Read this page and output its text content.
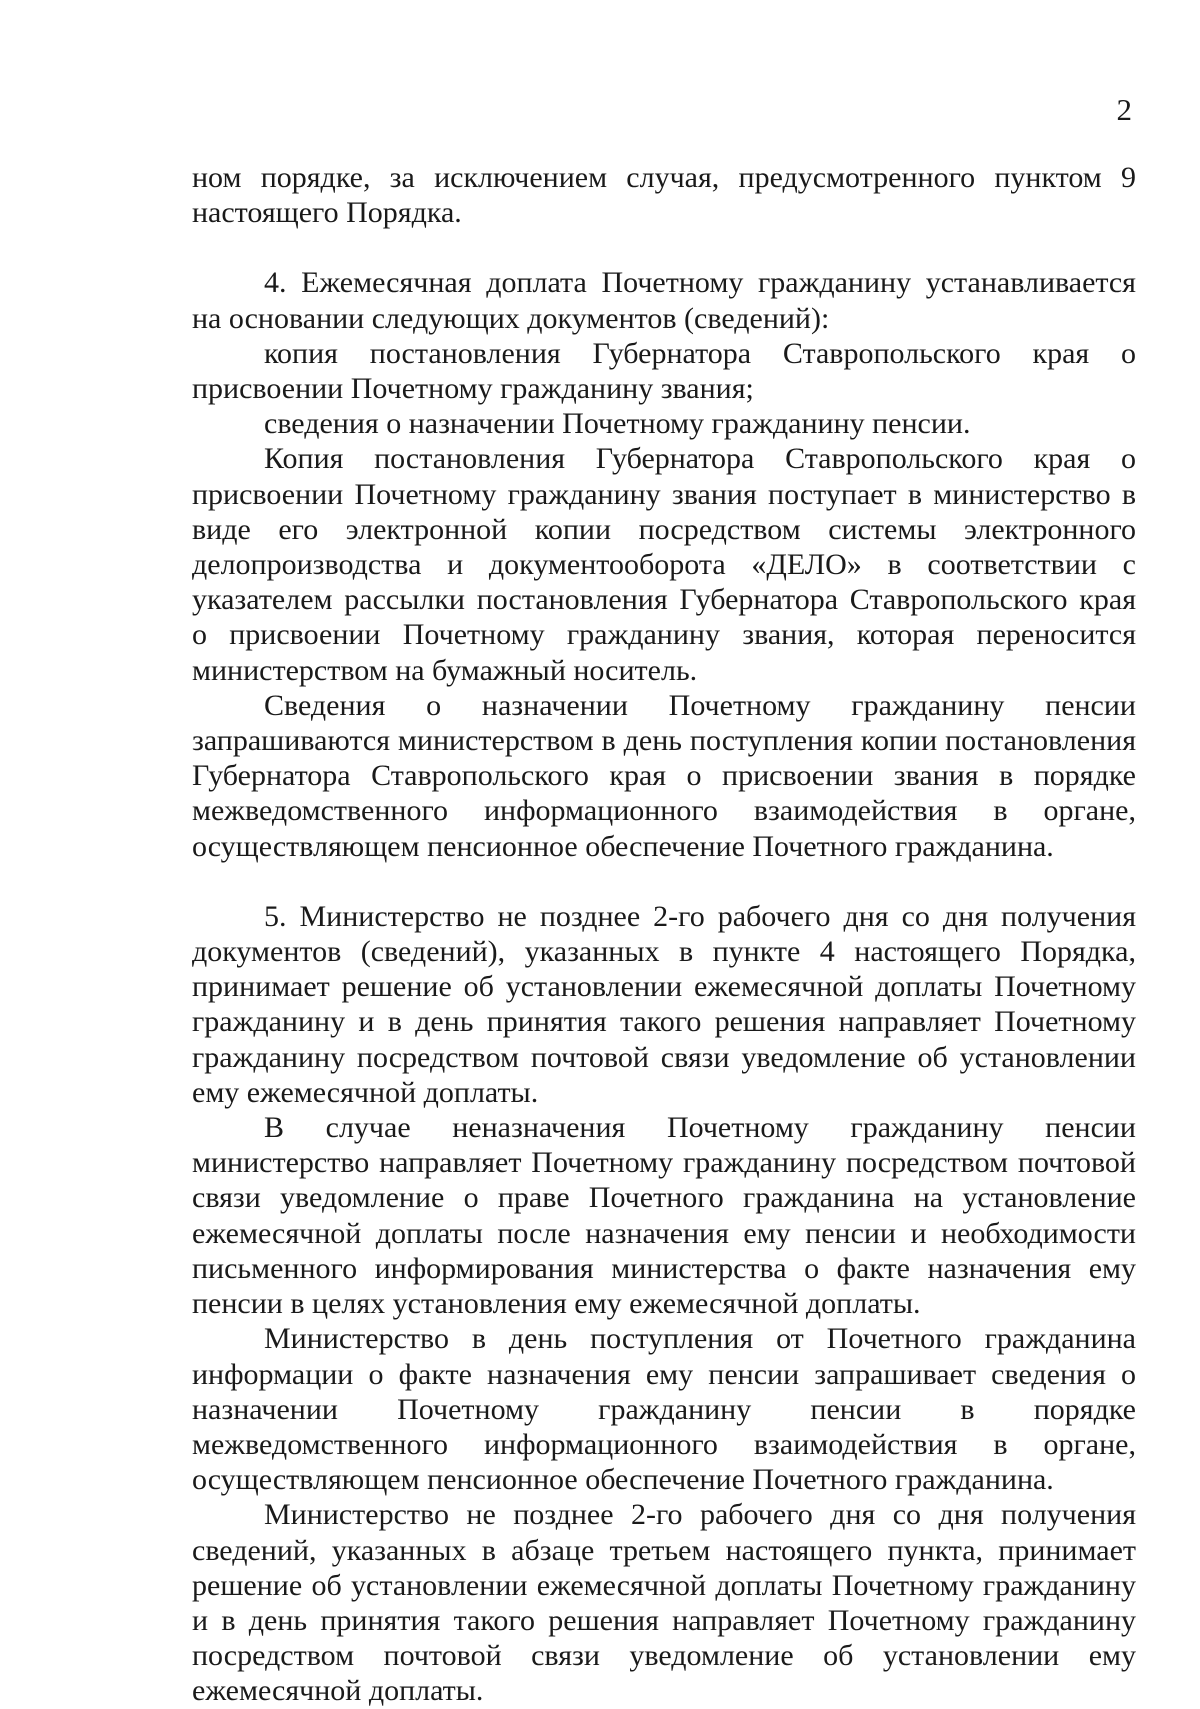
2

ном порядке, за исключением случая, предусмотренного пунктом 9 настоящего Порядка.

4. Ежемесячная доплата Почетному гражданину устанавливается на основании следующих документов (сведений):

копия постановления Губернатора Ставропольского края о присвоении Почетному гражданину звания;

сведения о назначении Почетному гражданину пенсии.

Копия постановления Губернатора Ставропольского края о присвоении Почетному гражданину звания поступает в министерство в виде его электронной копии посредством системы электронного делопроизводства и документооборота «ДЕЛО» в соответствии с указателем рассылки постановления Губернатора Ставропольского края о присвоении Почетному гражданину звания, которая переносится министерством на бумажный носитель.

Сведения о назначении Почетному гражданину пенсии запрашиваются министерством в день поступления копии постановления Губернатора Ставропольского края о присвоении звания в порядке межведомственного информационного взаимодействия в органе, осуществляющем пенсионное обеспечение Почетного гражданина.

5. Министерство не позднее 2-го рабочего дня со дня получения документов (сведений), указанных в пункте 4 настоящего Порядка, принимает решение об установлении ежемесячной доплаты Почетному гражданину и в день принятия такого решения направляет Почетному гражданину посредством почтовой связи уведомление об установлении ему ежемесячной доплаты.

В случае неназначения Почетному гражданину пенсии министерство направляет Почетному гражданину посредством почтовой связи уведомление о праве Почетного гражданина на установление ежемесячной доплаты после назначения ему пенсии и необходимости письменного информирования министерства о факте назначения ему пенсии в целях установления ему ежемесячной доплаты.

Министерство в день поступления от Почетного гражданина информации о факте назначения ему пенсии запрашивает сведения о назначении Почетному гражданину пенсии в порядке межведомственного информационного взаимодействия в органе, осуществляющем пенсионное обеспечение Почетного гражданина.

Министерство не позднее 2-го рабочего дня со дня получения сведений, указанных в абзаце третьем настоящего пункта, принимает решение об установлении ежемесячной доплаты Почетному гражданину и в день принятия такого решения направляет Почетному гражданину посредством почтовой связи уведомление об установлении ему ежемесячной доплаты.
